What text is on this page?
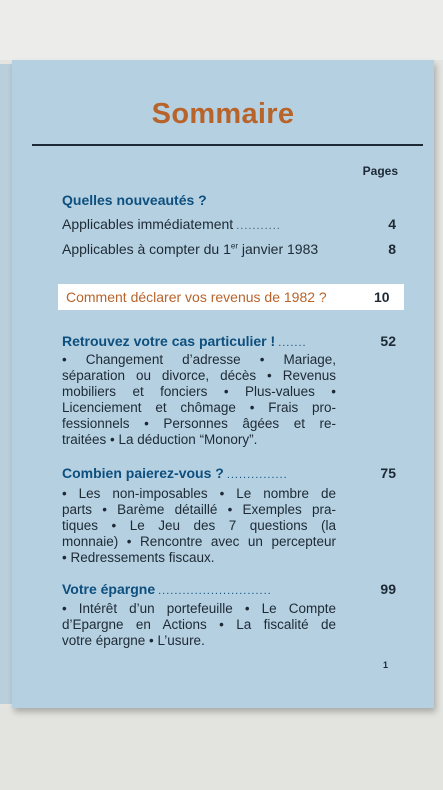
Sommaire
Pages
Quelles nouveautés ?
Applicables immédiatement ...........	4
Applicables à compter du 1er janvier 1983	8
Comment déclarer vos revenus de 1982 ?	10
Retrouvez votre cas particulier ! .......	52
• Changement d’adresse • Mariage,
séparation ou divorce, décès • Revenus
mobiliers et fonciers • Plus-values •
Licenciement et chômage • Frais pro-
fessionnels • Personnes âgées et re-
traitées • La déduction “Monory”.
Combien paierez-vous ? ...............	75
• Les non-imposables • Le nombre de
parts • Barème détaillé • Exemples pra-
tiques • Le Jeu des 7 questions (la
monnaie) • Rencontre avec un percepteur
• Redressements fiscaux.
Votre épargne ............................	99
• Intérêt d’un portefeuille • Le Compte
d’Epargne en Actions • La fiscalité de
votre épargne • L’usure.
1
